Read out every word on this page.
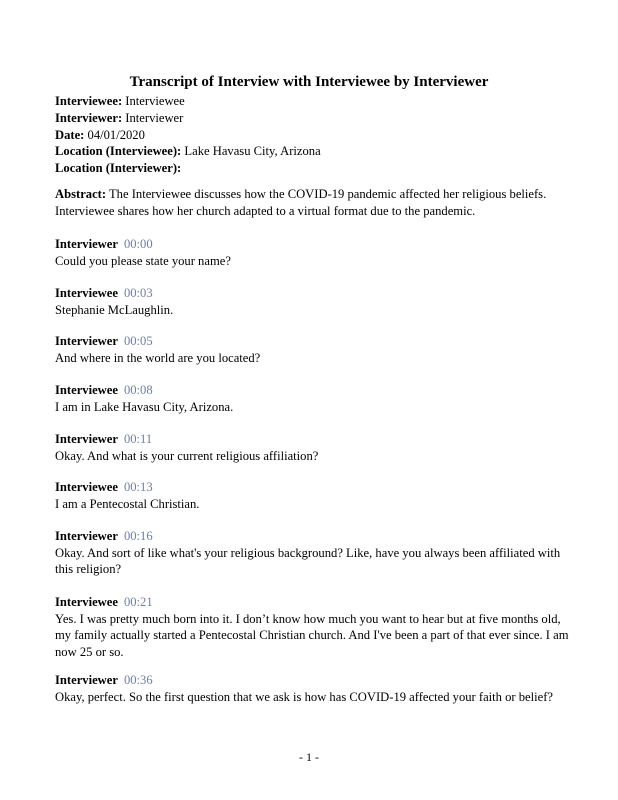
Transcript of Interview with Interviewee by Interviewer
Interviewee: Interviewee
Interviewer: Interviewer
Date: 04/01/2020
Location (Interviewee): Lake Havasu City, Arizona
Location (Interviewer):
Abstract: The Interviewee discusses how the COVID-19 pandemic affected her religious beliefs. Interviewee shares how her church adapted to a virtual format due to the pandemic.
Interviewer 00:00
Could you please state your name?
Interviewee 00:03
Stephanie McLaughlin.
Interviewer 00:05
And where in the world are you located?
Interviewee 00:08
I am in Lake Havasu City, Arizona.
Interviewer 00:11
Okay. And what is your current religious affiliation?
Interviewee 00:13
I am a Pentecostal Christian.
Interviewer 00:16
Okay. And sort of like what's your religious background? Like, have you always been affiliated with this religion?
Interviewee 00:21
Yes. I was pretty much born into it. I don’t know how much you want to hear but at five months old, my family actually started a Pentecostal Christian church. And I've been a part of that ever since. I am now 25 or so.
Interviewer 00:36
Okay, perfect. So the first question that we ask is how has COVID-19 affected your faith or belief?
- 1 -
